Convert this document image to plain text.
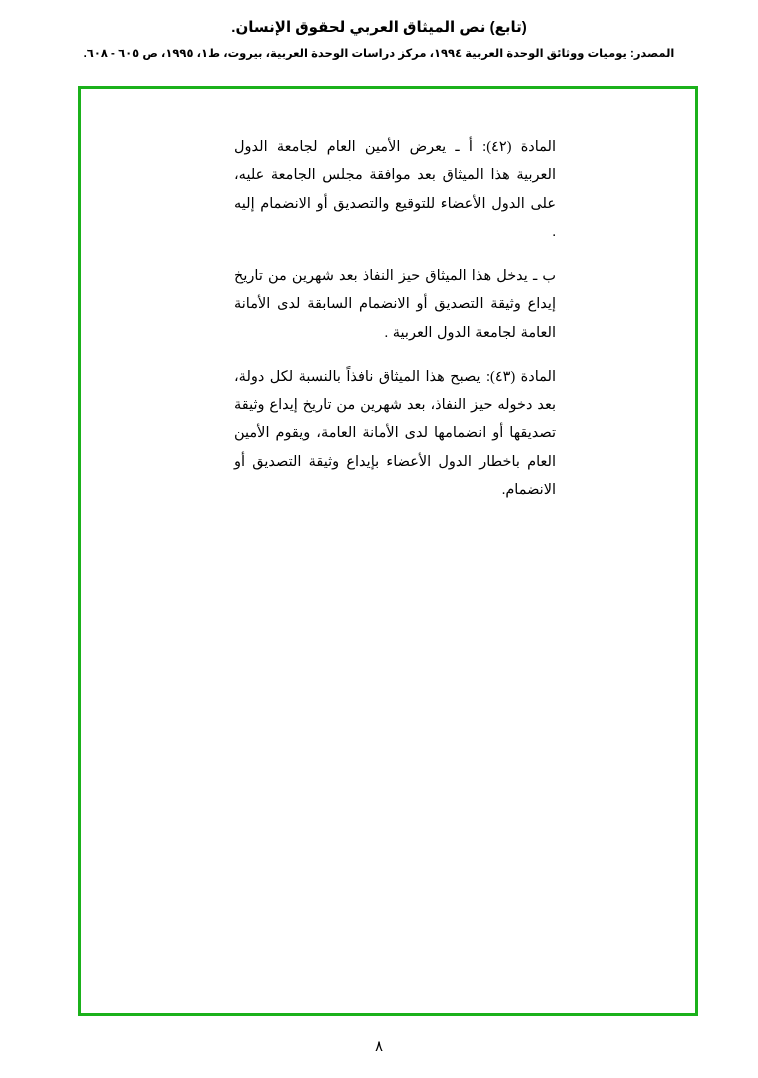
(تابع) نص الميثاق العربي لحقوق الإنسان.
المصدر: يوميات ووثائق الوحدة العربية ١٩٩٤، مركز دراسات الوحدة العربية، بيروت، ط١، ١٩٩٥، ص ٦٠٥ - ٦٠٨.

المادة (٤٢): أ ـ يعرض الأمين العام لجامعة الدول العربية هذا الميثاق بعد موافقة مجلس الجامعة عليه، على الدول الأعضاء للتوقيع والتصديق أو الانضمام إليه .

ب ـ يدخل هذا الميثاق حيز النفاذ بعد شهرين من تاريخ إيداع وثيقة التصديق أو الانضمام السابقة لدى الأمانة العامة لجامعة الدول العربية .

المادة (٤٣): يصبح هذا الميثاق نافذاً بالنسبة لكل دولة، بعد دخوله حيز النفاذ، بعد شهرين من تاريخ إيداع وثيقة تصديقها أو انضمامها لدى الأمانة العامة، ويقوم الأمين العام باخطار الدول الأعضاء بإيداع وثيقة التصديق أو الانضمام.

٨
